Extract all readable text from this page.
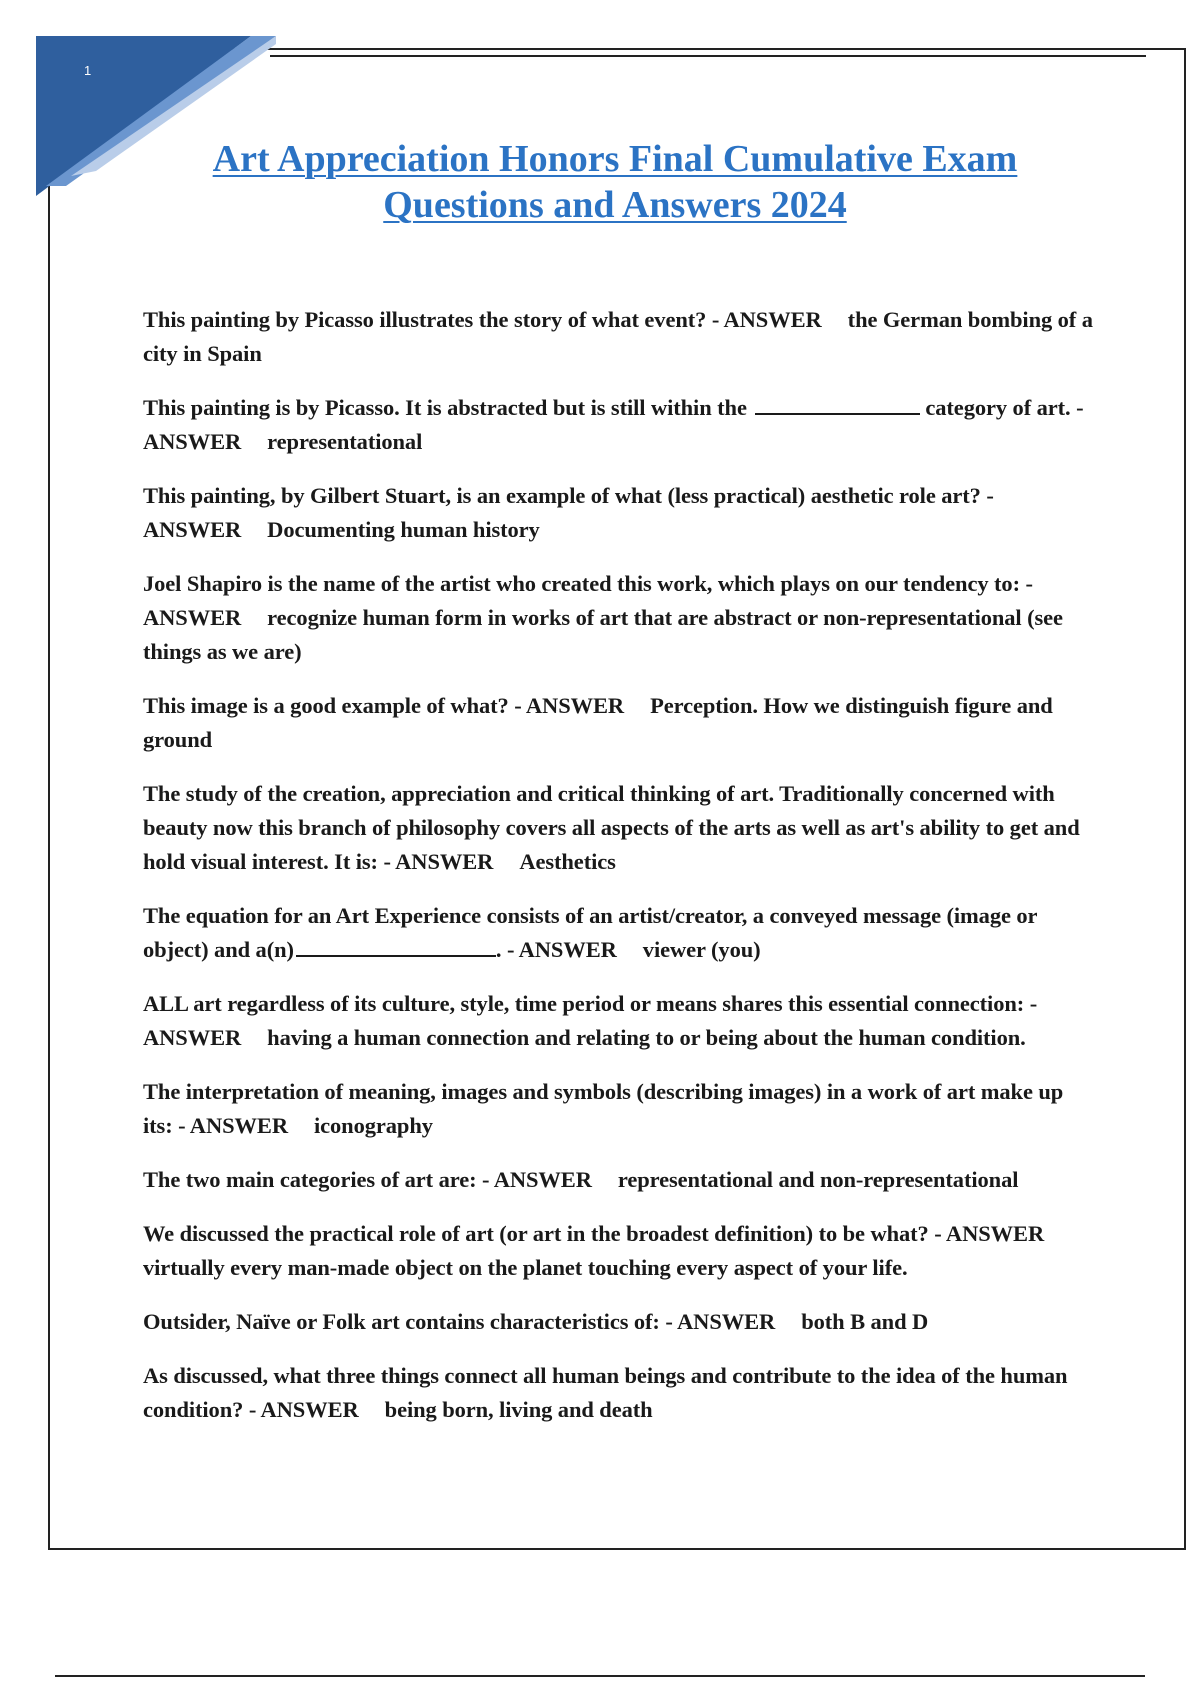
1
Art Appreciation Honors Final Cumulative Exam
Questions and Answers 2024

This painting by Picasso illustrates the story of what event? - ANSWER the German bombing of a city in Spain

This painting is by Picasso. It is abstracted but is still within the	category of art. - ANSWER representational

This painting, by Gilbert Stuart, is an example of what (less practical) aesthetic role art? - ANSWER Documenting human history

Joel Shapiro is the name of the artist who created this work, which plays on our tendency to: - ANSWER recognize human form in works of art that are abstract or non-representational (see things as we are)

This image is a good example of what? - ANSWER Perception. How we distinguish figure and ground

The study of the creation, appreciation and critical thinking of art. Traditionally concerned with beauty now this branch of philosophy covers all aspects of the arts as well as art's ability to get and hold visual interest. It is: - ANSWER Aesthetics

The equation for an Art Experience consists of an artist/creator, a conveyed message (image or object) and a(n)	. - ANSWER viewer (you)

ALL art regardless of its culture, style, time period or means shares this essential connection: - ANSWER having a human connection and relating to or being about the human condition.

The interpretation of meaning, images and symbols (describing images) in a work of art make up its: - ANSWER iconography

The two main categories of art are: - ANSWER representational and non-representational

We discussed the practical role of art (or art in the broadest definition) to be what? - ANSWERvirtually every man-made object on the planet touching every aspect of your life.

Outsider, Naïve or Folk art contains characteristics of: - ANSWER both B and D

As discussed, what three things connect all human beings and contribute to the idea of the human condition? - ANSWER being born, living and death
